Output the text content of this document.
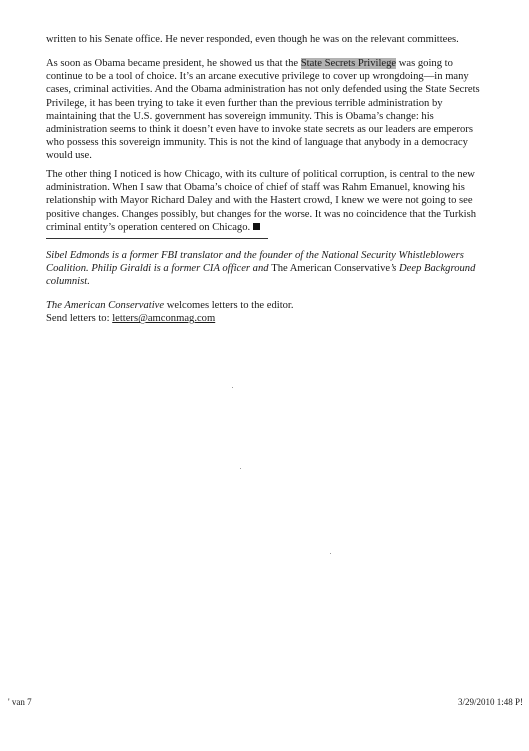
written to his Senate office. He never responded, even though he was on the relevant committees.

As soon as Obama became president, he showed us that the State Secrets Privilege was going to continue to be a tool of choice. It’s an arcane executive privilege to cover up wrongdoing—in many cases, criminal activities. And the Obama administration has not only defended using the State Secrets Privilege, it has been trying to take it even further than the previous terrible administration by maintaining that the U.S. government has sovereign immunity. This is Obama’s change: his administration seems to think it doesn’t even have to invoke state secrets as our leaders are emperors who possess this sovereign immunity. This is not the kind of language that anybody in a democracy would use.

The other thing I noticed is how Chicago, with its culture of political corruption, is central to the new administration. When I saw that Obama’s choice of chief of staff was Rahm Emanuel, knowing his relationship with Mayor Richard Daley and with the Hastert crowd, I knew we were not going to see positive changes. Changes possibly, but changes for the worse. It was no coincidence that the Turkish criminal entity’s operation centered on Chicago.

Sibel Edmonds is a former FBI translator and the founder of the National Security Whistleblowers Coalition. Philip Giraldi is a former CIA officer and The American Conservative’s Deep Background columnist.

The American Conservative welcomes letters to the editor.
Send letters to: letters@amconmag.com

' van 7	3/29/2010 1:48 P!
